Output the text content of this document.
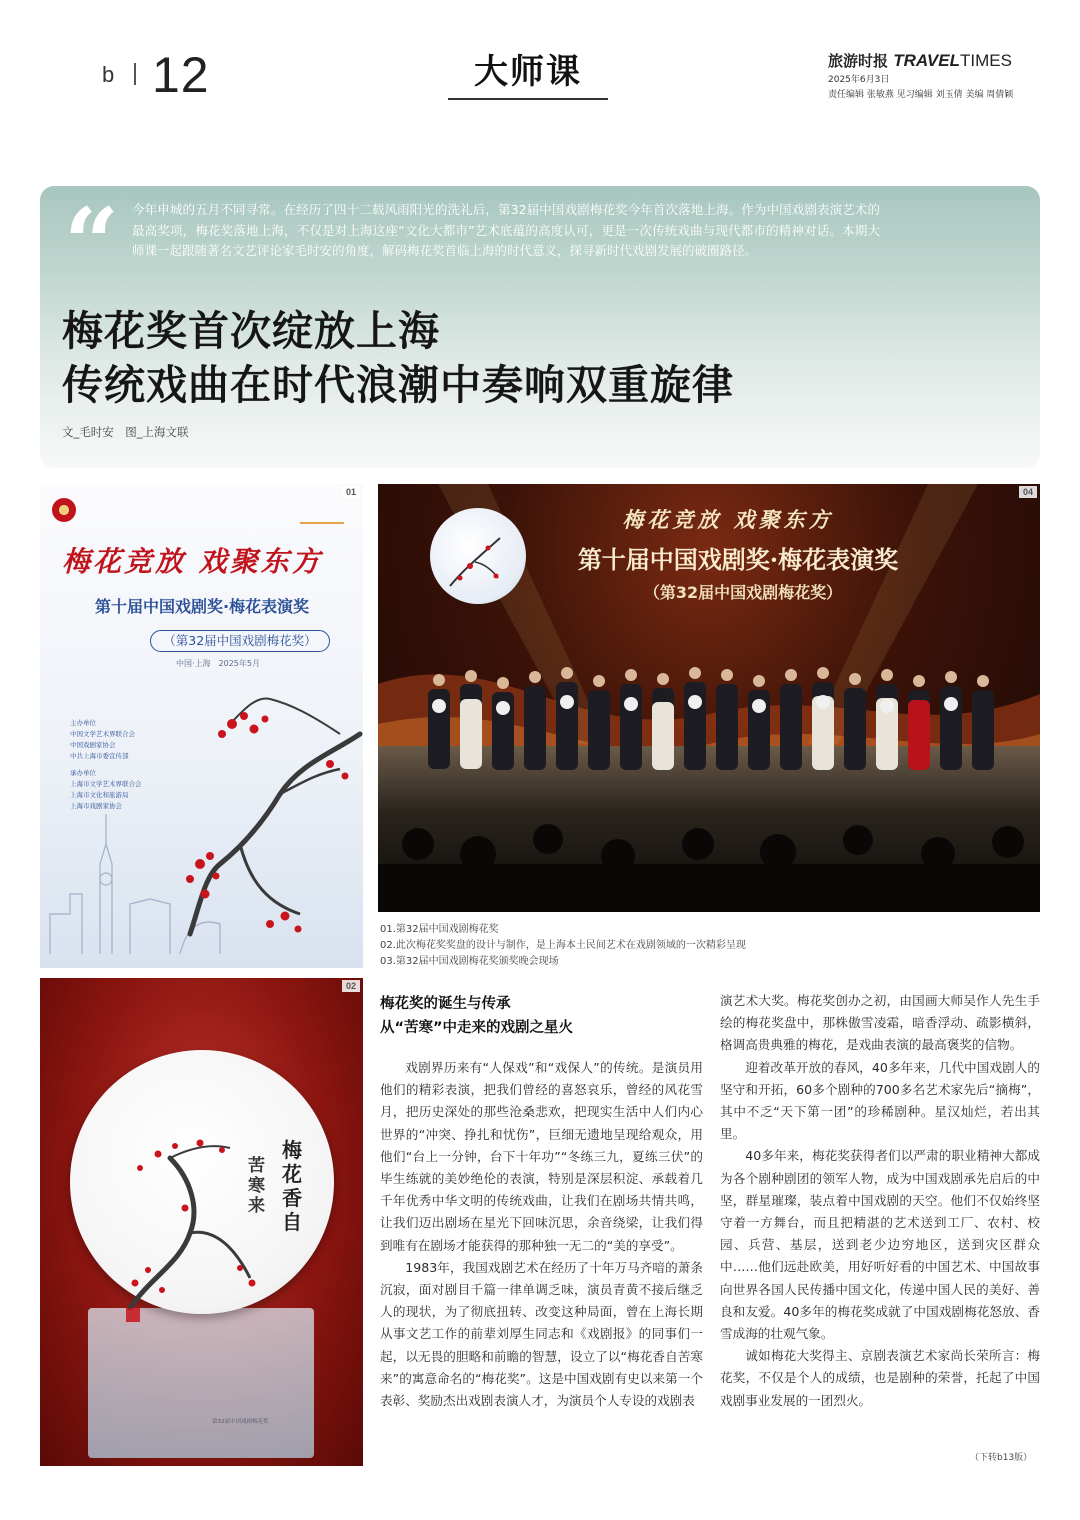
b 12	大师课	旅游时报 TRAVELTIMES
2025年6月3日
责任编辑 张敏燕 见习编辑 刘玉倩 美编 周倩颖
“ 今年申城的五月不同寻常。在经历了四十二载风雨阳光的洗礼后，第32届中国戏剧梅花奖今年首次落地上海。作为中国戏剧表演艺术的最高奖项，梅花奖落地上海，不仅是对上海这座“文化大都市”艺术底蕴的高度认可，更是一次传统戏曲与现代都市的精神对话。本期大师课一起跟随著名文艺评论家毛时安的角度，解码梅花奖首临上海的时代意义，探寻新时代戏剧发展的破圈路径。
梅花奖首次绽放上海
传统戏曲在时代浪潮中奏响双重旋律
文_毛时安　图_上海文联
梅花竞放 戏聚东方
第十届中国戏剧奖·梅花表演奖
（第32届中国戏剧梅花奖）
中国·上海　2025年5月
主办单位
中国文学艺术界联合会
中国戏剧家协会
中共上海市委宣传部
承办单位
上海市文学艺术界联合会
上海市文化和旅游局
上海市戏剧家协会
01
梅花竞放 戏聚东方
第十届中国戏剧奖·梅花表演奖
（第32届中国戏剧梅花奖）
04
梅花香自
苦寒来
第32届中国戏剧梅花奖
02
01.第32届中国戏剧梅花奖
02.此次梅花奖奖盘的设计与制作，是上海本土民间艺术在戏剧领域的一次精彩呈现
03.第32届中国戏剧梅花奖颁奖晚会现场
梅花奖的诞生与传承
从“苦寒”中走来的戏剧之星火

戏剧界历来有“人保戏”和“戏保人”的传统。是演员用他们的精彩表演，把我们曾经的喜怒哀乐，曾经的风花雪月，把历史深处的那些沧桑悲欢，把现实生活中人们内心世界的“冲突、挣扎和忧伤”，巨细无遗地呈现给观众，用他们“台上一分钟，台下十年功”“冬练三九，夏练三伏”的毕生练就的美妙绝伦的表演，特别是深层积淀、承载着几千年优秀中华文明的传统戏曲，让我们在剧场共情共鸣，让我们迈出剧场在星光下回味沉思，余音绕梁，让我们得到唯有在剧场才能获得的那种独一无二的“美的享受”。

1983年，我国戏剧艺术在经历了十年万马齐喑的萧条沉寂，面对剧目千篇一律单调乏味，演员青黄不接后继乏人的现状，为了彻底扭转、改变这种局面，曾在上海长期从事文艺工作的前辈刘厚生同志和《戏剧报》的同事们一起，以无畏的胆略和前瞻的智慧，设立了以“梅花香自苦寒来”的寓意命名的“梅花奖”。这是中国戏剧有史以来第一个表彰、奖励杰出戏剧表演人才，为演员个人专设的戏剧表

演艺术大奖。梅花奖创办之初，由国画大师吴作人先生手绘的梅花奖盘中，那株傲雪凌霜，暗香浮动、疏影横斜，格调高贵典雅的梅花，是戏曲表演的最高褒奖的信物。

迎着改革开放的春风，40多年来，几代中国戏剧人的坚守和开拓，60多个剧种的700多名艺术家先后“摘梅”，其中不乏“天下第一团”的珍稀剧种。星汉灿烂，若出其里。

40多年来，梅花奖获得者们以严肃的职业精神大都成为各个剧种剧团的领军人物，成为中国戏剧承先启后的中坚，群星璀璨，装点着中国戏剧的天空。他们不仅始终坚守着一方舞台，而且把精湛的艺术送到工厂、农村、校园、兵营、基层，送到老少边穷地区，送到灾区群众中……他们远赴欧美，用好听好看的中国艺术、中国故事向世界各国人民传播中国文化，传递中国人民的美好、善良和友爱。40多年的梅花奖成就了中国戏剧梅花怒放、香雪成海的壮观气象。

诚如梅花大奖得主、京剧表演艺术家尚长荣所言：梅花奖，不仅是个人的成绩，也是剧种的荣誉，托起了中国戏剧事业发展的一团烈火。

（下转b13版）
